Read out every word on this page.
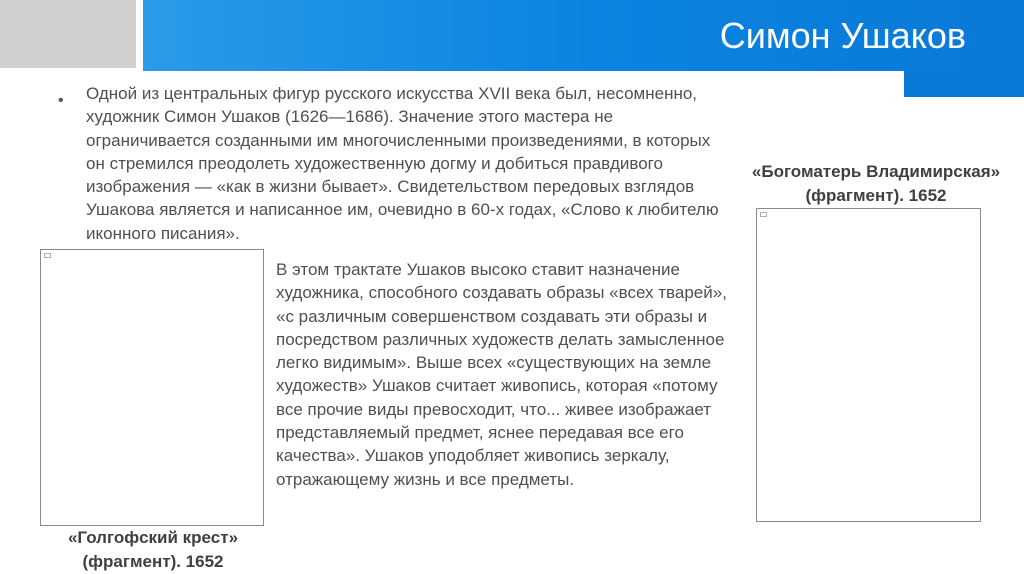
Симон Ушаков
• Одной из центральных фигур русского искусства XVII века был, несомненно, художник Симон Ушаков (1626—1686). Значение этого мастера не ограничивается созданными им многочисленными произведениями, в которых он стремился преодолеть художественную догму и добиться правдивого изображения — «как в жизни бывает». Свидетельством передовых взглядов Ушакова является и написанное им, очевидно в 60-х годах, «Слово к любителю иконного писания».

«Голгофский крест»
(фрагмент). 1652

В этом трактате Ушаков высоко ставит назначение художника, способного создавать образы «всех тварей», «с различным совершенством создавать эти образы и посредством различных художеств делать замысленное легко видимым». Выше всех «существующих на земле художеств» Ушаков считает живопись, которая «потому все прочие виды превосходит, что... живее изображает представляемый предмет, яснее передавая все его качества». Ушаков уподобляет живопись зеркалу, отражающему жизнь и все предметы.

«Богоматерь Владимирская»
(фрагмент). 1652
